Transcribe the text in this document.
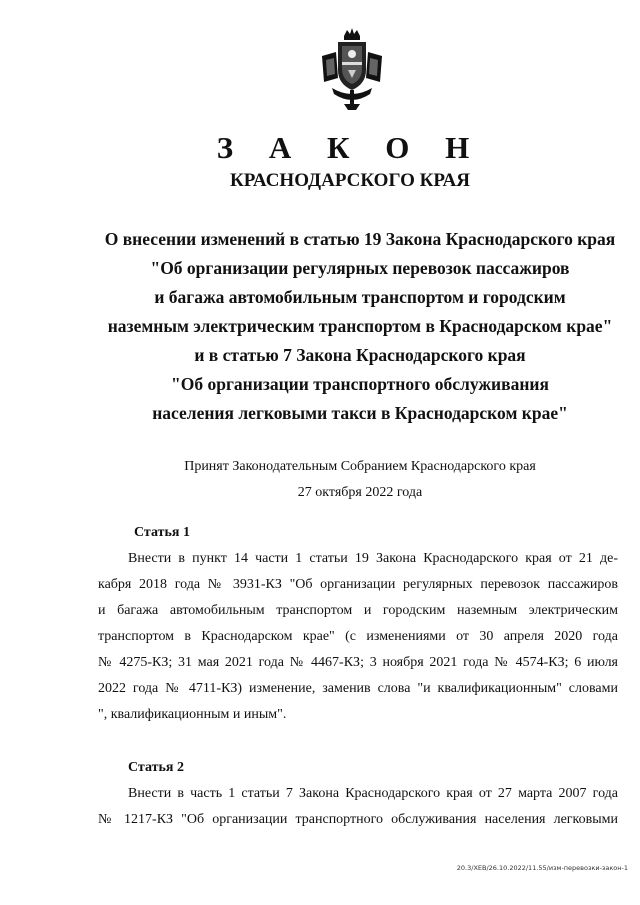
З А К О Н
КРАСНОДАРСКОГО КРАЯ
О внесении изменений в статью 19 Закона Краснодарского края
"Об организации регулярных перевозок пассажиров
и багажа автомобильным транспортом и городским
наземным электрическим транспортом в Краснодарском крае"
и в статью 7 Закона Краснодарского края
"Об организации транспортного обслуживания
населения легковыми такси в Краснодарском крае"
Принят Законодательным Собранием Краснодарского края
27 октября 2022 года
Статья 1
Внести в пункт 14 части 1 статьи 19 Закона Краснодарского края от 21 де-
кабря 2018 года № 3931-КЗ "Об организации регулярных перевозок пассажиров
и багажа автомобильным транспортом и городским наземным электрическим
транспортом в Краснодарском крае" (с изменениями от 30 апреля 2020 года
№ 4275-КЗ; 31 мая 2021 года № 4467-КЗ; 3 ноября 2021 года № 4574-КЗ; 6 июля
2022 года № 4711-КЗ) изменение, заменив слова "и квалификационным" словами
", квалификационным и иным".
Статья 2
Внести в часть 1 статьи 7 Закона Краснодарского края от 27 марта 2007 года
№ 1217-КЗ "Об организации транспортного обслуживания населения легковыми
20.3/ХЕВ/26.10.2022/11.55/изм-перевозки-закон-1
